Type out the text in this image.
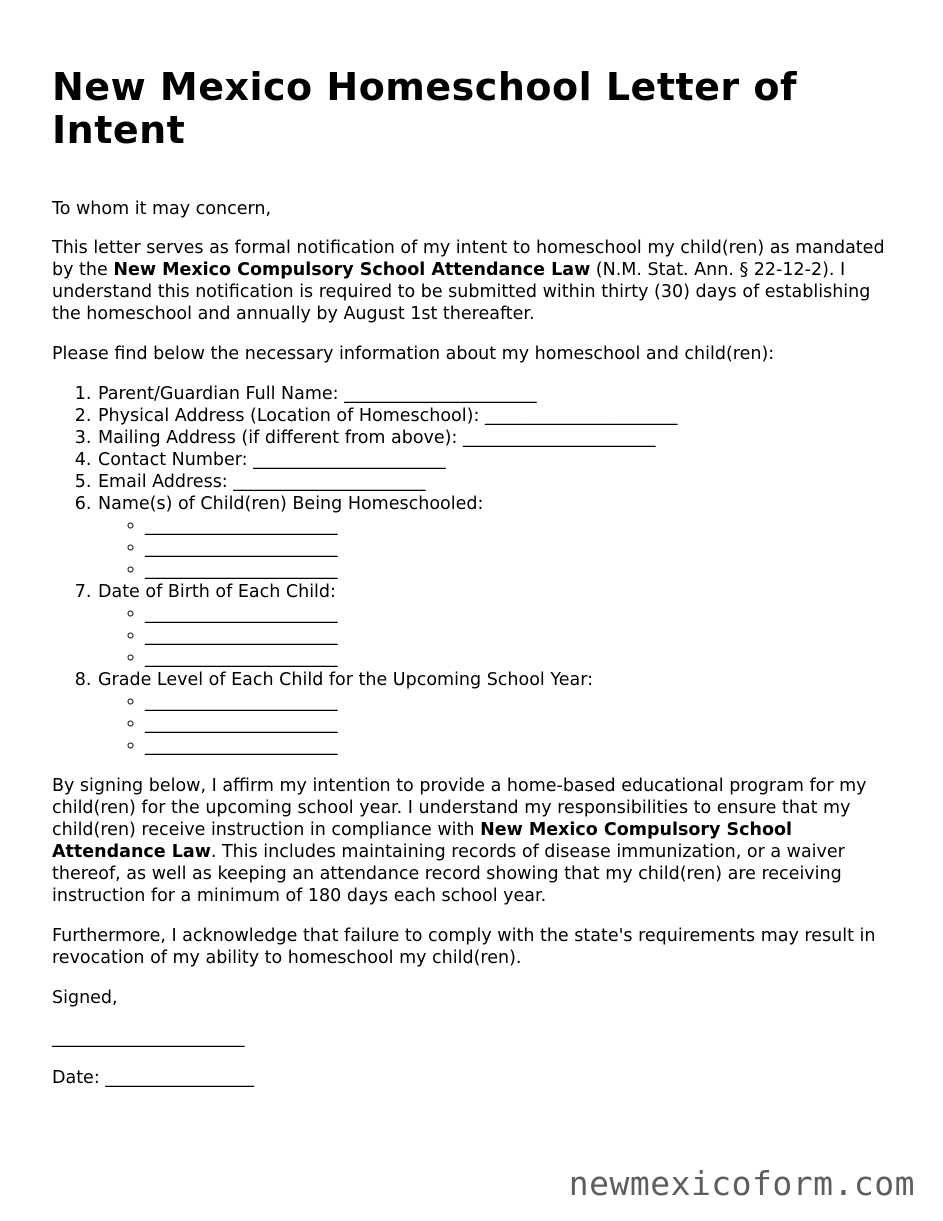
New Mexico Homeschool Letter of Intent

To whom it may concern,

This letter serves as formal notification of my intent to homeschool my child(ren) as mandated by the New Mexico Compulsory School Attendance Law (N.M. Stat. Ann. § 22-12-2). I understand this notification is required to be submitted within thirty (30) days of establishing the homeschool and annually by August 1st thereafter.

Please find below the necessary information about my homeschool and child(ren):

1. Parent/Guardian Full Name: ______________________
2. Physical Address (Location of Homeschool): ______________________
3. Mailing Address (if different from above): ______________________
4. Contact Number: ______________________
5. Email Address: ______________________
6. Name(s) of Child(ren) Being Homeschooled:
◦ ______________________
◦ ______________________
◦ ______________________
7. Date of Birth of Each Child:
◦ ______________________
◦ ______________________
◦ ______________________
8. Grade Level of Each Child for the Upcoming School Year:
◦ ______________________
◦ ______________________
◦ ______________________

By signing below, I affirm my intention to provide a home-based educational program for my child(ren) for the upcoming school year. I understand my responsibilities to ensure that my child(ren) receive instruction in compliance with New Mexico Compulsory School Attendance Law. This includes maintaining records of disease immunization, or a waiver thereof, as well as keeping an attendance record showing that my child(ren) are receiving instruction for a minimum of 180 days each school year.

Furthermore, I acknowledge that failure to comply with the state's requirements may result in revocation of my ability to homeschool my child(ren).

Signed,

______________________

Date: _________________

newmexicoform.com
